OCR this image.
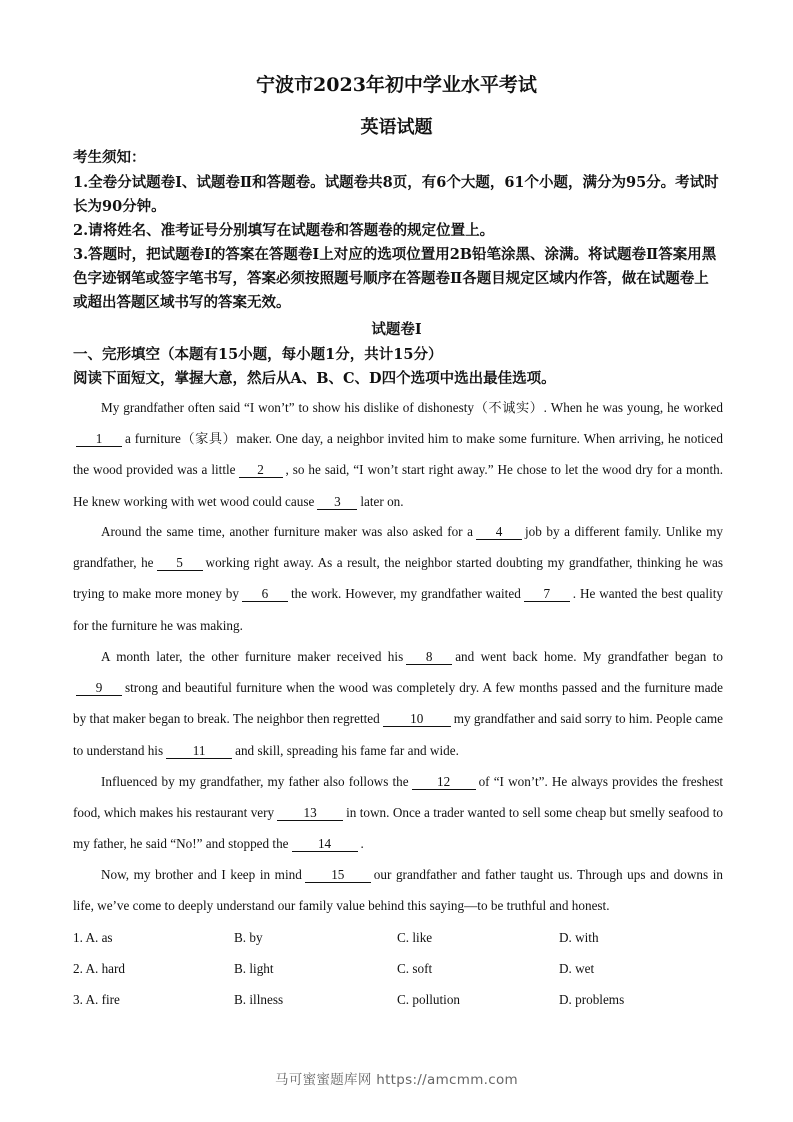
宁波市2023年初中学业水平考试
英语试题
考生须知：
1.全卷分试题卷Ⅰ、试题卷Ⅱ和答题卷。试题卷共8页，有6个大题，61个小题，满分为95分。考试时长为90分钟。
2.请将姓名、准考证号分别填写在试题卷和答题卷的规定位置上。
3.答题时，把试题卷Ⅰ的答案在答题卷Ⅰ上对应的选项位置用2B铅笔涂黑、涂满。将试题卷Ⅱ答案用黑色字迹钢笔或签字笔书写，答案必须按照题号顺序在答题卷Ⅱ各题目规定区域内作答，做在试题卷上或超出答题区域书写的答案无效。
试题卷Ⅰ
一、完形填空（本题有15小题，每小题1分，共计15分）
阅读下面短文，掌握大意，然后从A、B、C、D四个选项中选出最佳选项。
My grandfather often said “I won’t” to show his dislike of dishonesty（不诚实）. When he was young, he worked1 a furniture（家具）maker. One day, a neighbor invited him to make some furniture. When arriving, he noticed the wood provided was a little 2 , so he said, “I won’t start right away.” He chose to let the wood dry for a month. He knew working with wet wood could cause 3 later on.
Around the same time, another furniture maker was also asked for a 4 job by a different family. Unlike my grandfather, he 5 working right away. As a result, the neighbor started doubting my grandfather, thinking he was trying to make more money by 6 the work. However, my grandfather waited 7 . He wanted the best quality for the furniture he was making.
A month later, the other furniture maker received his 8 and went back home. My grandfather began to9 strong and beautiful furniture when the wood was completely dry. A few months passed and the furniture made by that maker began to break. The neighbor then regretted 10 my grandfather and said sorry to him. People came to understand his 11 and skill, spreading his fame far and wide.
Influenced by my grandfather, my father also follows the 12 of “I won’t”. He always provides the freshest food, which makes his restaurant very 13 in town. Once a trader wanted to sell some cheap but smelly seafood to my father, he said “No!” and stopped the 14 .
Now, my brother and I keep in mind 15 our grandfather and father taught us. Through ups and downs in life, we’ve come to deeply understand our family value behind this saying—to be truthful and honest.
1. A. as	B. by	C. like	D. with
2. A. hard	B. light	C. soft	D. wet
3. A. fire	B. illness	C. pollution	D. problems
马可蜜蜜题库网 https://amcmm.com
